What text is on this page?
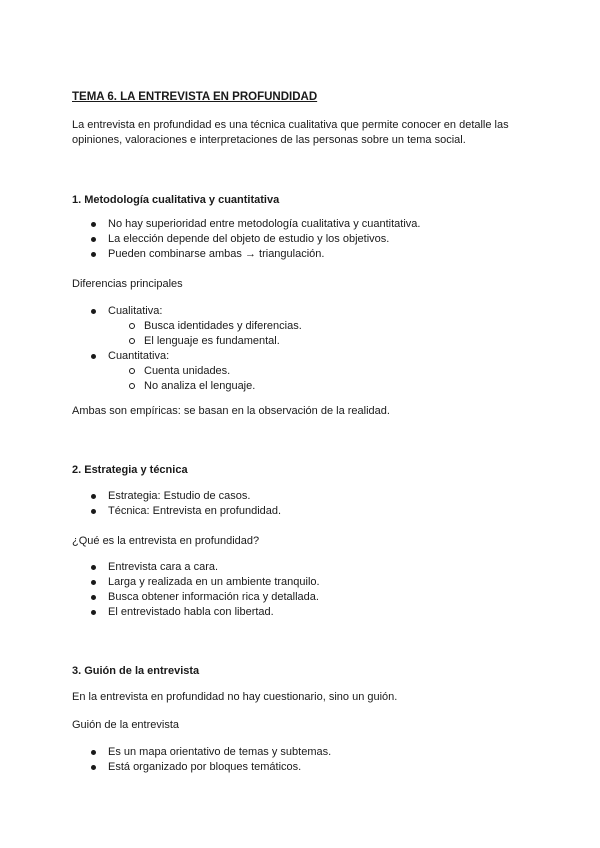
TEMA 6. LA ENTREVISTA EN PROFUNDIDAD
La entrevista en profundidad es una técnica cualitativa que permite conocer en detalle las
opiniones, valoraciones e interpretaciones de las personas sobre un tema social.
1. Metodología cualitativa y cuantitativa
No hay superioridad entre metodología cualitativa y cuantitativa.
La elección depende del objeto de estudio y los objetivos.
Pueden combinarse ambas → triangulación.
Diferencias principales
Cualitativa:
Busca identidades y diferencias.
El lenguaje es fundamental.
Cuantitativa:
Cuenta unidades.
No analiza el lenguaje.
Ambas son empíricas: se basan en la observación de la realidad.
2. Estrategia y técnica
Estrategia: Estudio de casos.
Técnica: Entrevista en profundidad.
¿Qué es la entrevista en profundidad?
Entrevista cara a cara.
Larga y realizada en un ambiente tranquilo.
Busca obtener información rica y detallada.
El entrevistado habla con libertad.
3. Guión de la entrevista
En la entrevista en profundidad no hay cuestionario, sino un guión.
Guión de la entrevista
Es un mapa orientativo de temas y subtemas.
Está organizado por bloques temáticos.
